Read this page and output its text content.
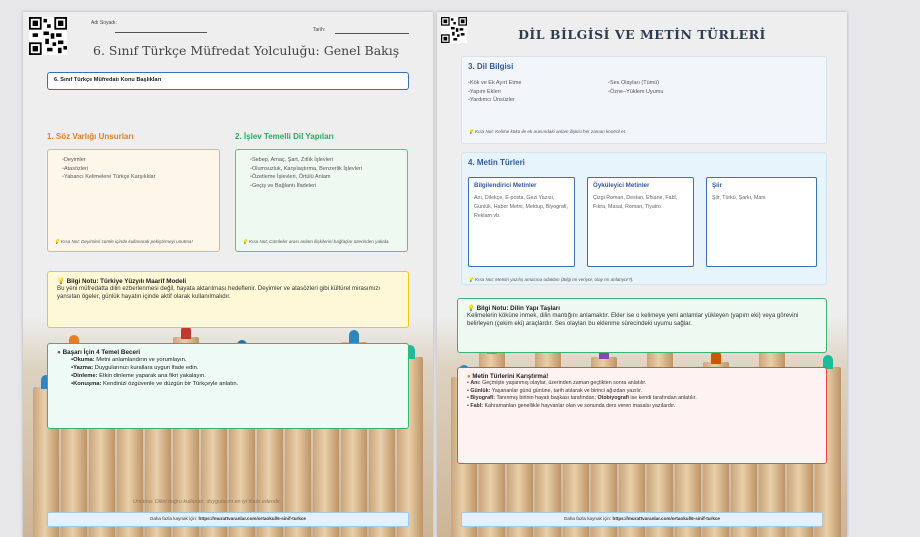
Adı Soyadı:
Tarih:
6. Sınıf Türkçe Müfredat Yolculuğu: Genel Bakış
6. Sınıf Türkçe Müfredatı Konu Başlıkları
1. Söz Varlığı Unsurları	2. İşlev Temelli Dil Yapıları
• Deyimler
• Atasözleri
• Yabancı Kelimelere Türkçe Karşılıklar
💡 Kısa Not: Deyimleri cümle içinde kullanarak pekiştirmeyi unutma!
• Sebep, Amaç, Şart, Zıtlık İşlevleri
• Olumsuzluk, Karşılaştırma, Benzerlik İşlevleri
• Özetleme İşlevleri, Örtülü Anlam
• Geçiş ve Bağlantı İfadeleri
💡 Kısa Not: Cümleler arası anlam ilişkilerini bağlaçlar üzerinden yakala.
💡 Bilgi Notu: Türkiye Yüzyılı Maarif Modeli
Bu yeni müfredatta dilin ezberlenmesi değil, hayata aktarılması hedeflenir. Deyimler ve atasözleri gibi kültürel mirasımızı yansıtan ögeler, günlük hayatın içinde aktif olarak kullanılmalıdır.
● Başarı İçin 4 Temel Beceri
▪ Okuma: Metni anlamlandırın ve yorumlayın.
▪ Yazma: Duygularınızı kurallara uygun ifade edin.
▪ Dinleme: Etkin dinleme yaparak ana fikri yakalayın.
▪ Konuşma: Kendinizi özgüvenle ve düzgün bir Türkçeyle anlatın.
Unutma: Dilini doğru kullanan, duygularını en iyi ifade edendir.
Daha fazla kaynak için: https://murattvaranlar.com/ortaokul/6-sinif-turkce
DİL BİLGİSİ VE METİN TÜRLERİ
3. Dil Bilgisi
• Kök ve Ek Ayırt Etme
• Yapım Ekleri
• Yardımcı Ünsüzler
• Ses Olayları (Tümü)
• Özne–Yüklem Uyumu
💡 Kısa Not: Kelime kökü ile ek arasındaki anlam ilişkisi her zaman kontrol et.
4. Metin Türleri
Bilgilendirici Metinler
Anı, Dilekçe, E-posta, Gezi Yazısı, Günlük, Haber Metni, Mektup, Biyografi, Reklam vb.
Öyküleyici Metinler
Çizgi Roman, Destan, Efsane, Fabl, Fıkra, Masal, Roman, Tiyatro
Şiir
Şiir, Türkü, Şarkı, Mani
💡 Kısa Not: Metnin yazılış amacına odaklan (Bilgi mi veriyor, olay mı anlatıyor?).
💡 Bilgi Notu: Dilin Yapı Taşları
Kelimelerin köküne inmek, dilin mantığını anlamaktır. Ekler ise o kelimeye yeni anlamlar yükleyen (yapım eki) veya görevini belirleyen (çekim eki) araçlardır. Ses olayları bu eklenme sürecindeki uyumu sağlar.
● Metin Türlerini Karıştırma!
• Anı: Geçmişte yaşanmış olaylar, üzerinden zaman geçtikten sonra anlatılır.
• Günlük: Yaşananlar günü gününe, tarih atılarak ve birinci ağızdan yazılır.
• Biyografi: Tanınmış birinin hayatı başkası tarafından; Otobiyografi ise kendi tarafından anlatılır.
• Fabl: Kahramanları genellikle hayvanlar olan ve sonunda ders veren masalsı yazılardır.
Daha fazla kaynak için: https://murattvaranlar.com/ortaokul/6-sinif-turkce
